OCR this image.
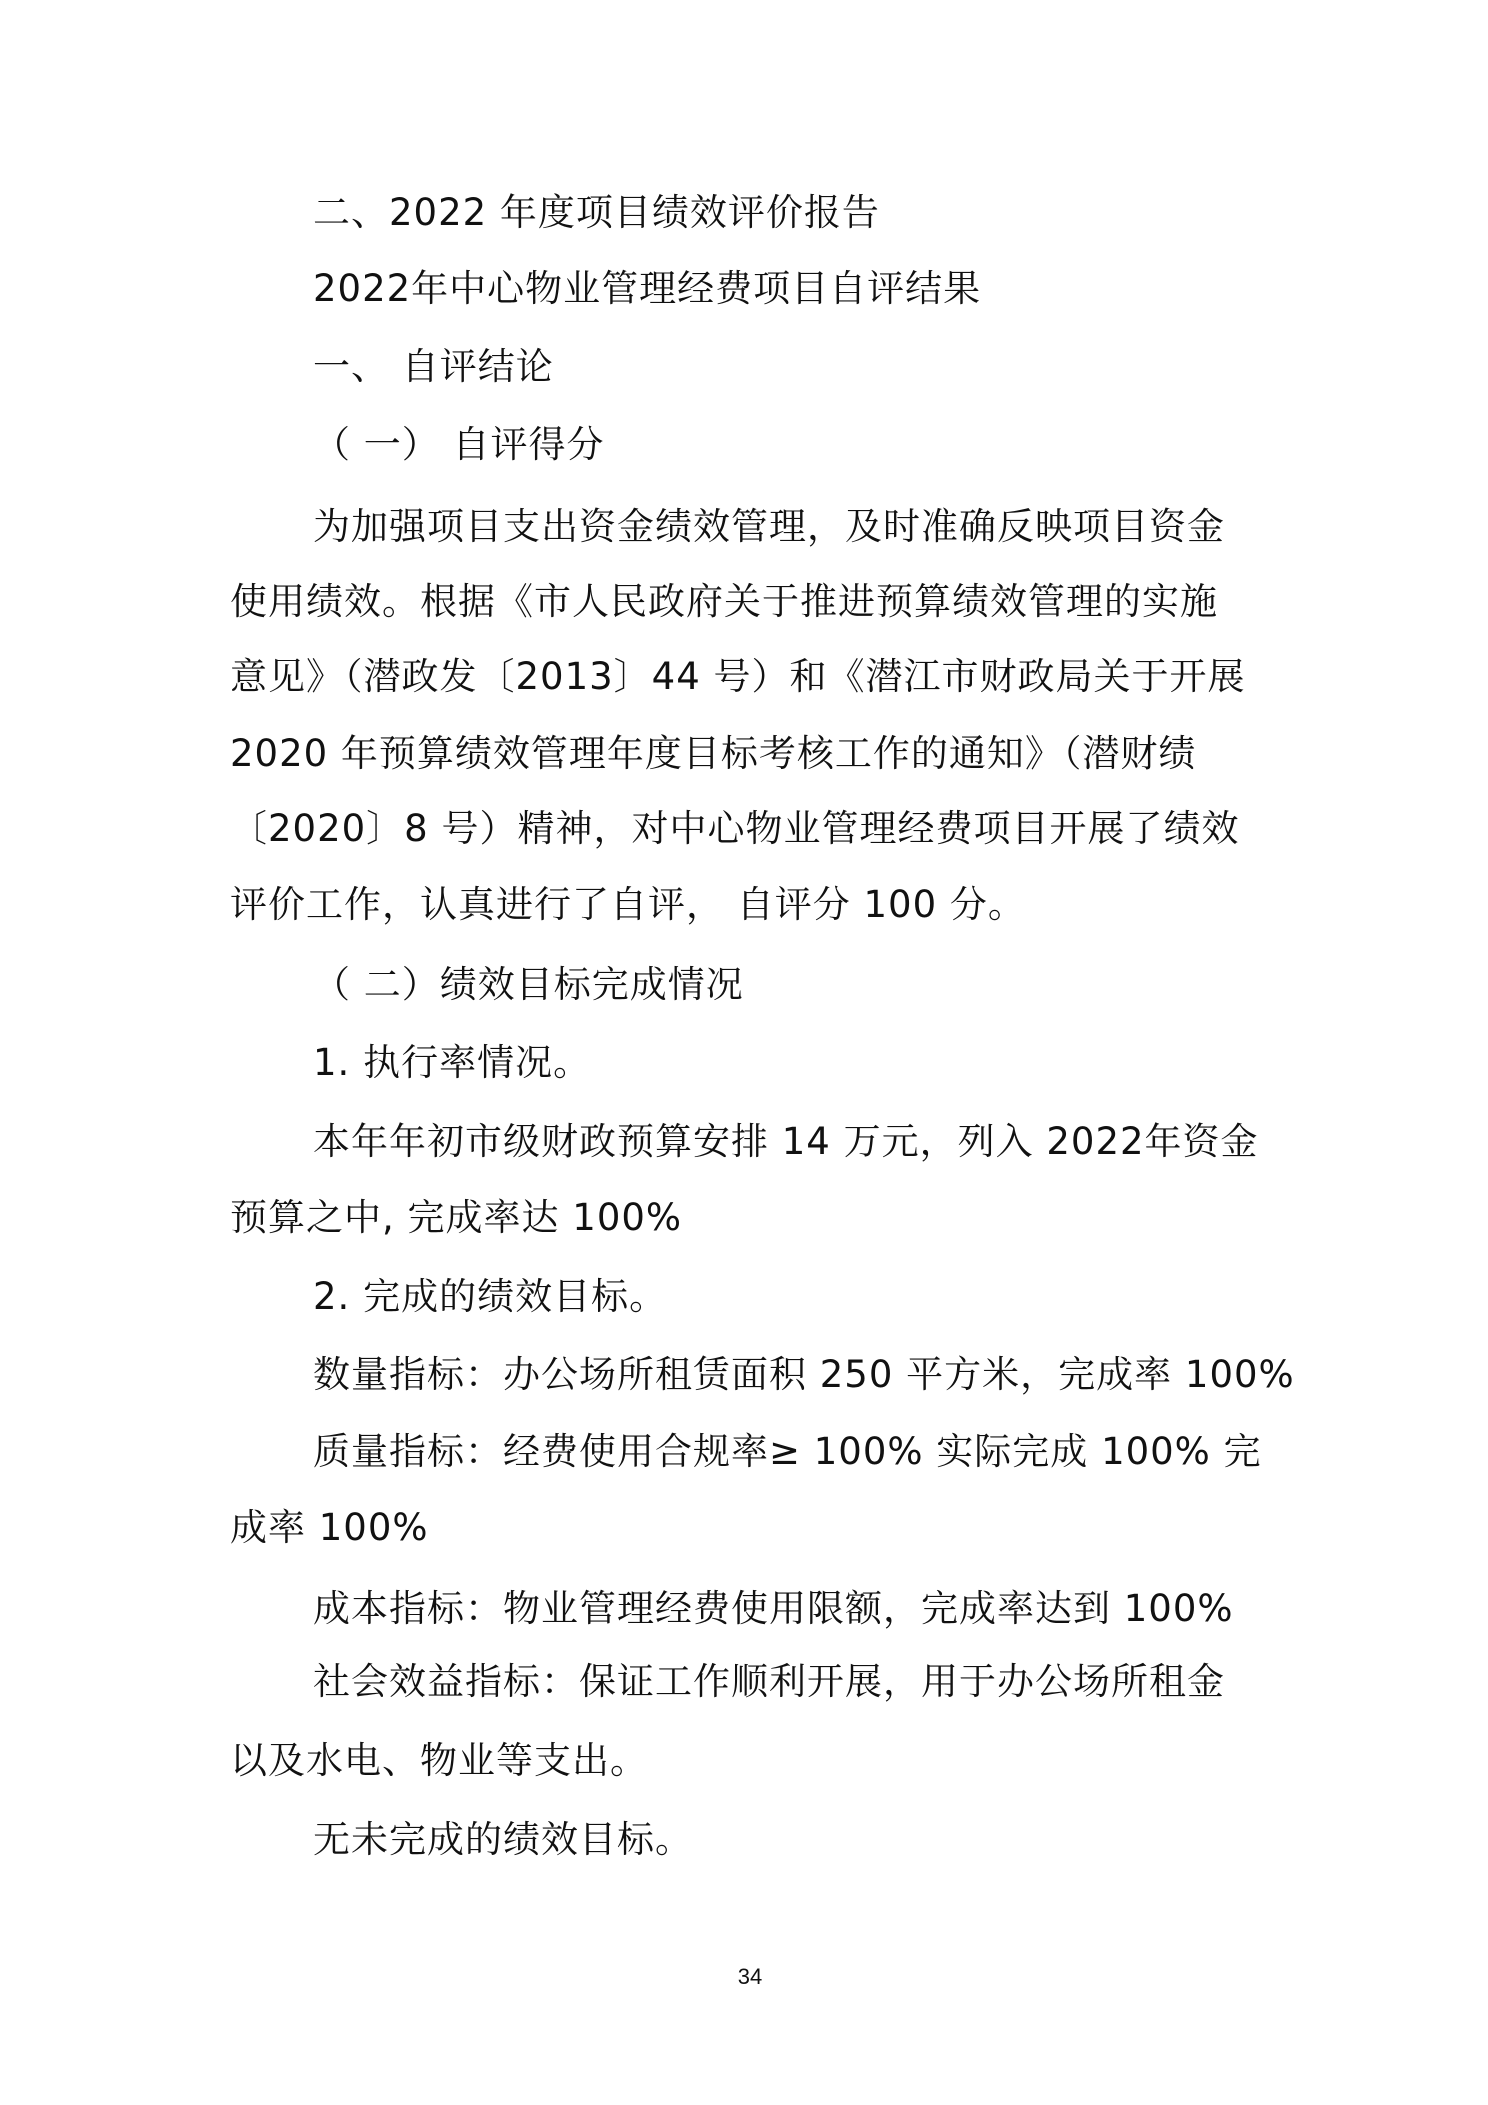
二、2022 年度项目绩效评价报告
2022年中心物业管理经费项目自评结果
一、 自评结论
（ 一） 自评得分
为加强项目支出资金绩效管理，及时准确反映项目资金
使用绩效。根据《市人民政府关于推进预算绩效管理的实施
意见》（潜政发〔2013〕44 号）和《潜江市财政局关于开展
2020 年预算绩效管理年度目标考核工作的通知》（潜财绩
〔2020〕8 号）精神，对中心物业管理经费项目开展了绩效
评价工作，认真进行了自评， 自评分 100 分。
（ 二）绩效目标完成情况
1. 执行率情况。
本年年初市级财政预算安排 14 万元，列入 2022年资金
预算之中, 完成率达 100%
2. 完成的绩效目标。
数量指标：办公场所租赁面积 250 平方米，完成率 100%
质量指标：经费使用合规率≥ 100% 实际完成 100% 完
成率 100%
成本指标：物业管理经费使用限额，完成率达到 100%
社会效益指标：保证工作顺利开展，用于办公场所租金
以及水电、物业等支出。
无未完成的绩效目标。
34
